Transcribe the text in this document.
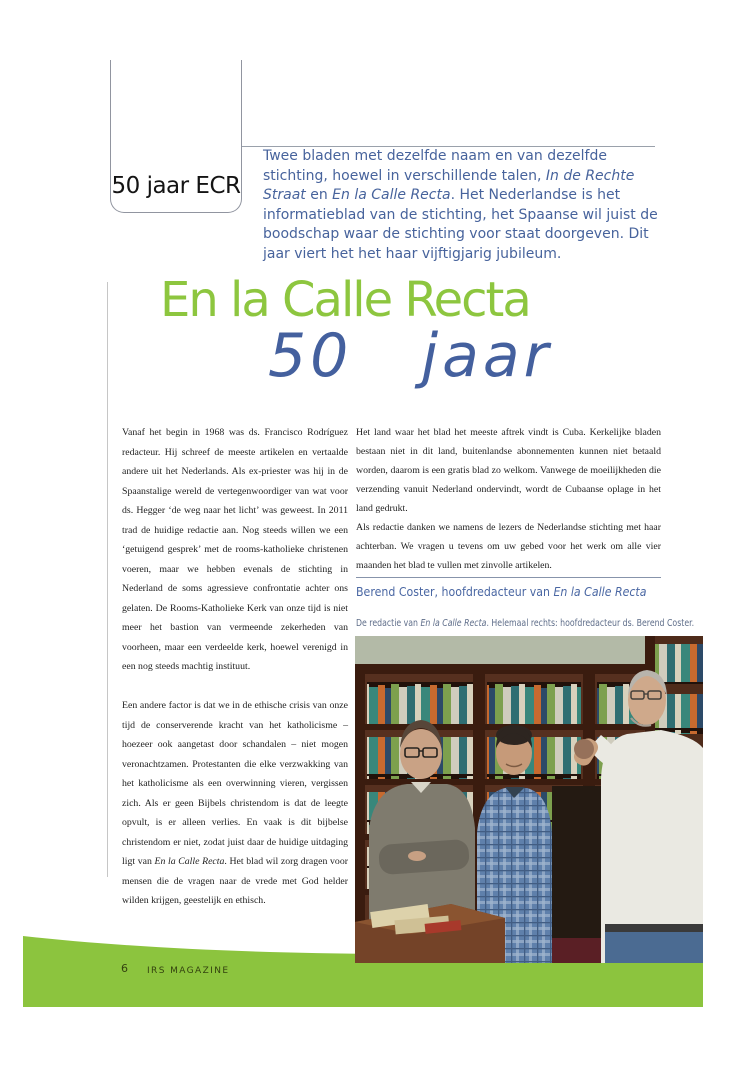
50 jaar ECR
Twee bladen met dezelfde naam en van dezelfde stichting, hoewel in verschillende talen, In de Rechte Straat en En la Calle Recta. Het Nederlandse is het informatieblad van de stichting, het Spaanse wil juist de boodschap waar de stichting voor staat doorgeven. Dit jaar viert het het haar vijftigjarig jubileum.
En la Calle Recta
50 jaar

Vanaf het begin in 1968 was ds. Francisco Rodríguez redacteur. Hij schreef de meeste artikelen en vertaalde andere uit het Nederlands. Als ex-priester was hij in de Spaanstalige wereld de vertegenwoordiger van wat voor ds. Hegger ‘de weg naar het licht’ was geweest. In 2011 trad de huidige redactie aan. Nog steeds willen we een ‘getuigend gesprek’ met de rooms-katholieke christenen voeren, maar we hebben evenals de stichting in Nederland de soms agressieve confrontatie achter ons gelaten. De Rooms-Katholieke Kerk van onze tijd is niet meer het bastion van vermeende zekerheden van voorheen, maar een verdeelde kerk, hoewel verenigd in een nog steeds machtig instituut.

Een andere factor is dat we in de ethische crisis van onze tijd de conserverende kracht van het katholicisme – hoezeer ook aangetast door schandalen – niet mogen veronachtzamen. Protestanten die elke verzwakking van het katholicisme als een overwinning vieren, vergissen zich. Als er geen Bijbels christendom is dat de leegte opvult, is er alleen verlies. En vaak is dit bijbelse christendom er niet, zodat juist daar de huidige uitdaging ligt van En la Calle Recta. Het blad wil zorg dragen voor mensen die de vragen naar de vrede met God helder wilden krijgen, geestelijk en ethisch.

Het land waar het blad het meeste aftrek vindt is Cuba. Kerkelijke bladen bestaan niet in dit land, buitenlandse abonnementen kunnen niet betaald worden, daarom is een gratis blad zo welkom. Vanwege de moeilijkheden die verzending vanuit Nederland ondervindt, wordt de Cubaanse oplage in het land gedrukt.

Als redactie danken we namens de lezers de Nederlandse stichting met haar achterban. We vragen u tevens om uw gebed voor het werk om alle vier maanden het blad te vullen met zinvolle artikelen.

Berend Coster, hoofdredacteur van En la Calle Recta
De redactie van En la Calle Recta. Helemaal rechts: hoofdredacteur ds. Berend Coster.
6 IRS MAGAZINE
